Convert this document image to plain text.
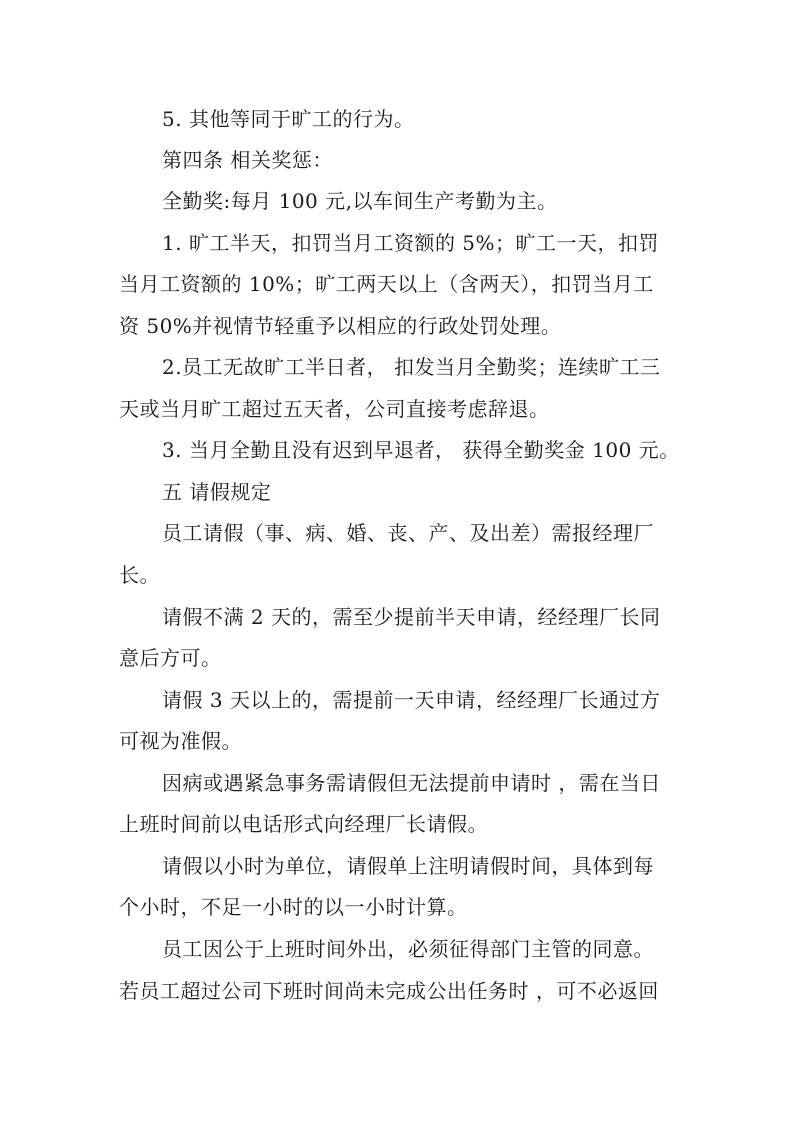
5. 其他等同于旷工的行为。
第四条 相关奖惩：
全勤奖:每月 100 元,以车间生产考勤为主。
1. 旷工半天，扣罚当月工资额的 5%；旷工一天，扣罚
当月工资额的 10%；旷工两天以上（含两天），扣罚当月工
资 50%并视情节轻重予以相应的行政处罚处理。
2.员工无故旷工半日者， 扣发当月全勤奖；连续旷工三
天或当月旷工超过五天者，公司直接考虑辞退。
3. 当月全勤且没有迟到早退者， 获得全勤奖金 100 元。
五 请假规定
员工请假（事、病、婚、丧、产、及出差）需报经理厂
长。
请假不满 2 天的，需至少提前半天申请，经经理厂长同
意后方可。
请假 3 天以上的，需提前一天申请，经经理厂长通过方
可视为准假。
因病或遇紧急事务需请假但无法提前申请时 ，需在当日
上班时间前以电话形式向经理厂长请假。
请假以小时为单位，请假单上注明请假时间，具体到每
个小时，不足一小时的以一小时计算。
员工因公于上班时间外出，必须征得部门主管的同意。
若员工超过公司下班时间尚未完成公出任务时 ，可不必返回
